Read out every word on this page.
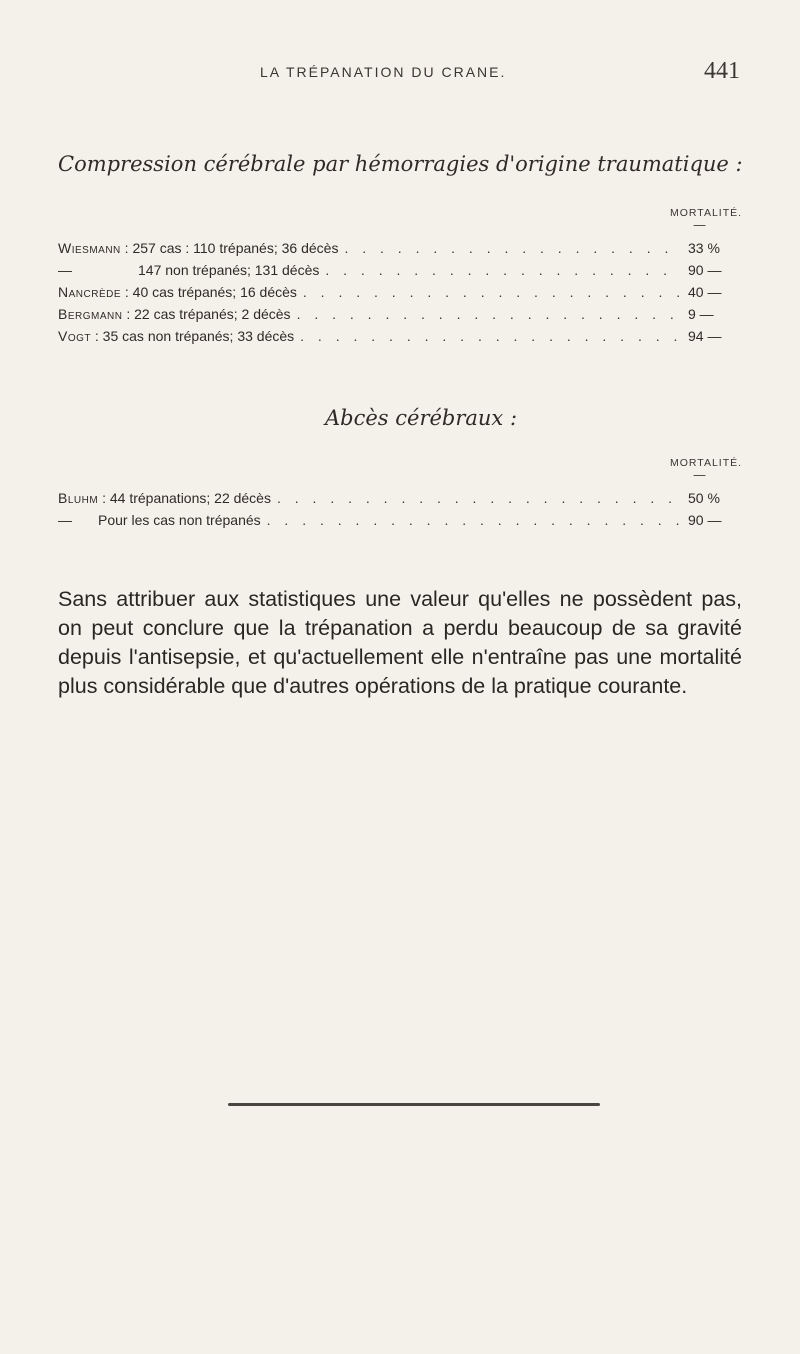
LA TRÉPANATION DU CRANE.	441
Compression cérébrale par hémorragies d'origine traumatique :
MORTALITÉ.
—
Wiesmann : 257 cas : 110 trépanés; 36 décès . . .	33 %
—	147 non trépanés; 131 décès . . .	90 —
Nancrède : 40 cas trépanés; 16 décès . . .	40 —
Bergmann : 22 cas trépanés; 2 décès . . .	9 —
Vogt : 35 cas non trépanés; 33 décès . . .	94 —
Abcès cérébraux :
MORTALITÉ.
—
Bluhm : 44 trépanations; 22 décès . . .	50 %
— Pour les cas non trépanés . . .	90 —

Sans attribuer aux statistiques une valeur qu'elles ne possèdent pas, on peut conclure que la trépanation a perdu beaucoup de sa gravité depuis l'antisepsie, et qu'actuellement elle n'entraîne pas une mortalité plus considérable que d'autres opérations de la pratique courante.
